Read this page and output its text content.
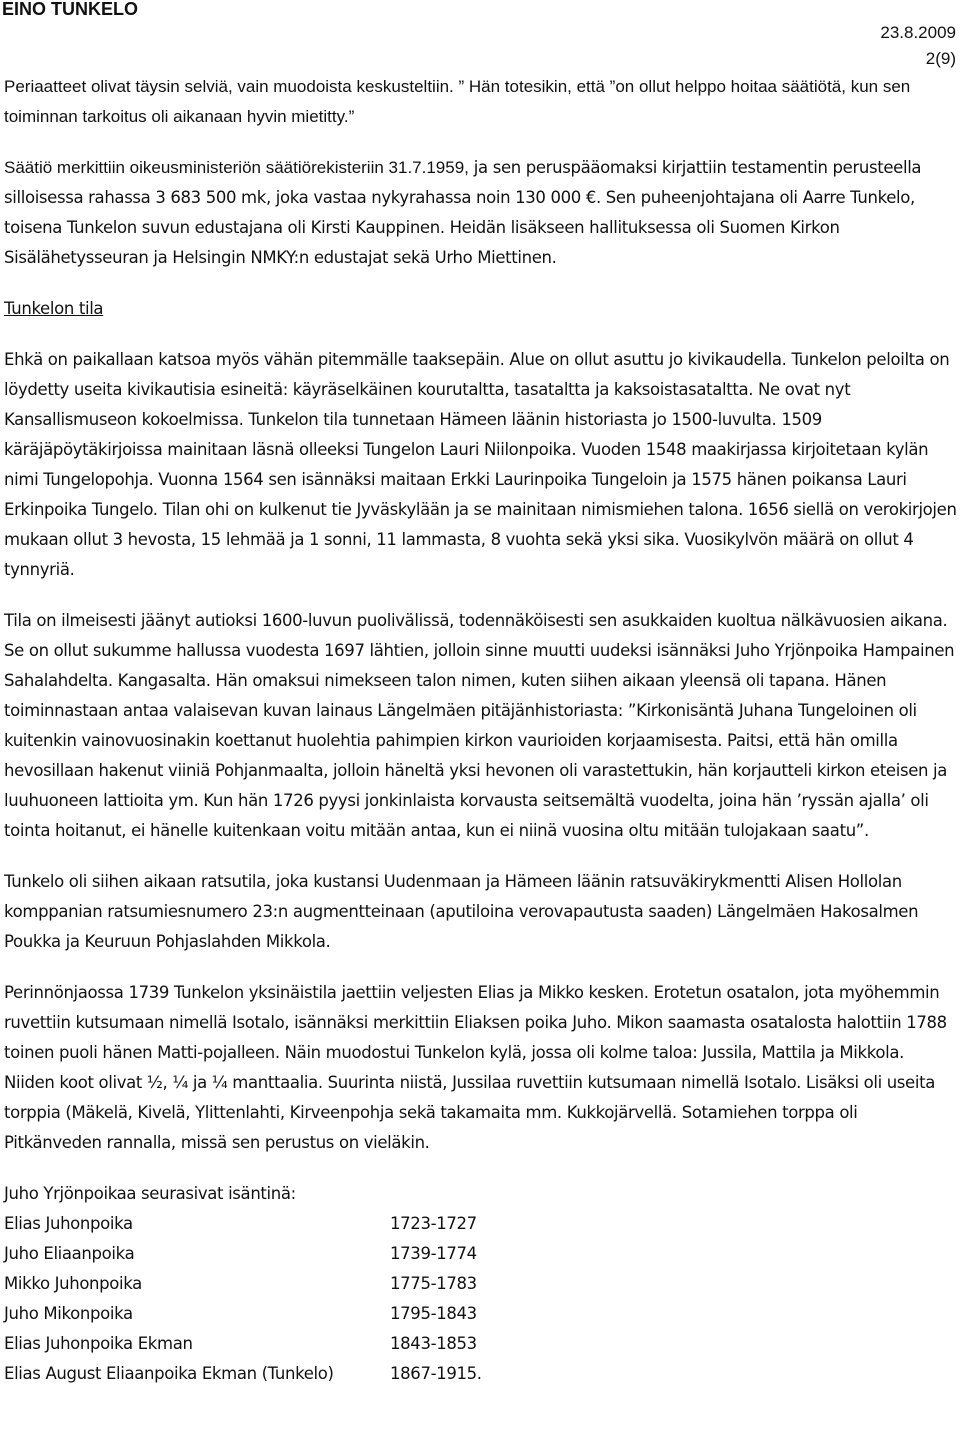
EINO TUNKELO
23.8.2009
2(9)

Periaatteet olivat täysin selviä, vain muodoista keskusteltiin. ” Hän totesikin, että ”on ollut helppo hoitaa säätiötä, kun sen toiminnan tarkoitus oli aikanaan hyvin mietitty.”

Säätiö merkittiin oikeusministeriön säätiörekisteriin 31.7.1959, ja sen peruspääomaksi kirjattiin testamentin perusteella silloisessa rahassa 3 683 500 mk, joka vastaa nykyrahassa noin 130 000 €. Sen puheenjohtajana oli Aarre Tunkelo, toisena Tunkelon suvun edustajana oli Kirsti Kauppinen. Heidän lisäkseen hallituksessa oli Suomen Kirkon Sisälähetysseuran ja Helsingin NMKY:n edustajat sekä Urho Miettinen.

Tunkelon tila

Ehkä on paikallaan katsoa myös vähän pitemmälle taaksepäin. Alue on ollut asuttu jo kivikaudella. Tunkelon peloilta on löydetty useita kivikautisia esineitä: käyräselkäinen kourutaltta, tasataltta ja kaksoistasataltta. Ne ovat nyt Kansallismuseon kokoelmissa. Tunkelon tila tunnetaan Hämeen läänin historiasta jo 1500-luvulta. 1509 käräjäpöytäkirjoissa mainitaan läsnä olleeksi Tungelon Lauri Niilonpoika. Vuoden 1548 maakirjassa kirjoitetaan kylän nimi Tungelopohja. Vuonna 1564 sen isännäksi maitaan Erkki Laurinpoika Tungeloin ja 1575 hänen poikansa Lauri Erkinpoika Tungelo. Tilan ohi on kulkenut tie Jyväskylään ja se mainitaan nimismiehen talona. 1656 siellä on verokirjojen mukaan ollut 3 hevosta, 15 lehmää ja 1 sonni, 11 lammasta, 8 vuohta sekä yksi sika. Vuosikylvön määrä on ollut 4 tynnyriä.

Tila on ilmeisesti jäänyt autioksi 1600-luvun puolivälissä, todennäköisesti sen asukkaiden kuoltua nälkävuosien aikana. Se on ollut sukumme hallussa vuodesta 1697 lähtien, jolloin sinne muutti uudeksi isännäksi Juho Yrjönpoika Hampainen Sahalahdelta. Kangasalta. Hän omaksui nimekseen talon nimen, kuten siihen aikaan yleensä oli tapana. Hänen toiminnastaan antaa valaisevan kuvan lainaus Längelmäen pitäjänhistoriasta: ”Kirkonisäntä Juhana Tungeloinen oli kuitenkin vainovuosinakin koettanut huolehtia pahimpien kirkon vaurioiden korjaamisesta. Paitsi, että hän omilla hevosillaan hakenut viiniä Pohjanmaalta, jolloin häneltä yksi hevonen oli varastettukin, hän korjautteli kirkon eteisen ja luuhuoneen lattioita ym. Kun hän 1726 pyysi jonkinlaista korvausta seitsemältä vuodelta, joina hän ’ryssän ajalla’ oli tointa hoitanut, ei hänelle kuitenkaan voitu mitään antaa, kun ei niinä vuosina oltu mitään tulojakaan saatu”.

Tunkelo oli siihen aikaan ratsutila, joka kustansi Uudenmaan ja Hämeen läänin ratsuväkirykmentti Alisen Hollolan komppanian ratsumiesnumero 23:n augmentteinaan (aputiloina verovapautusta saaden) Längelmäen Hakosalmen Poukka ja Keuruun Pohjaslahden Mikkola.

Perinnönjaossa 1739 Tunkelon yksinäistila jaettiin veljesten Elias ja Mikko kesken. Erotetun osatalon, jota myöhemmin ruvettiin kutsumaan nimellä Isotalo, isännäksi merkittiin Eliaksen poika Juho. Mikon saamasta osatalosta halottiin 1788 toinen puoli hänen Matti-pojalleen. Näin muodostui Tunkelon kylä, jossa oli kolme taloa: Jussila, Mattila ja Mikkola. Niiden koot olivat ½, ¼ ja ¼ manttaalia. Suurinta niistä, Jussilaa ruvettiin kutsumaan nimellä Isotalo. Lisäksi oli useita torppia (Mäkelä, Kivelä, Ylittenlahti, Kirveenpohja sekä takamaita mm. Kukkojärvellä. Sotamiehen torppa oli Pitkänveden rannalla, missä sen perustus on vieläkin.

Juho Yrjönpoikaa seurasivat isäntinä:

Elias Juhonpoika	1723-1727
Juho Eliaanpoika	1739-1774
Mikko Juhonpoika	1775-1783
Juho Mikonpoika	1795-1843
Elias Juhonpoika Ekman	1843-1853
Elias August Eliaanpoika Ekman (Tunkelo)	1867-1915.
